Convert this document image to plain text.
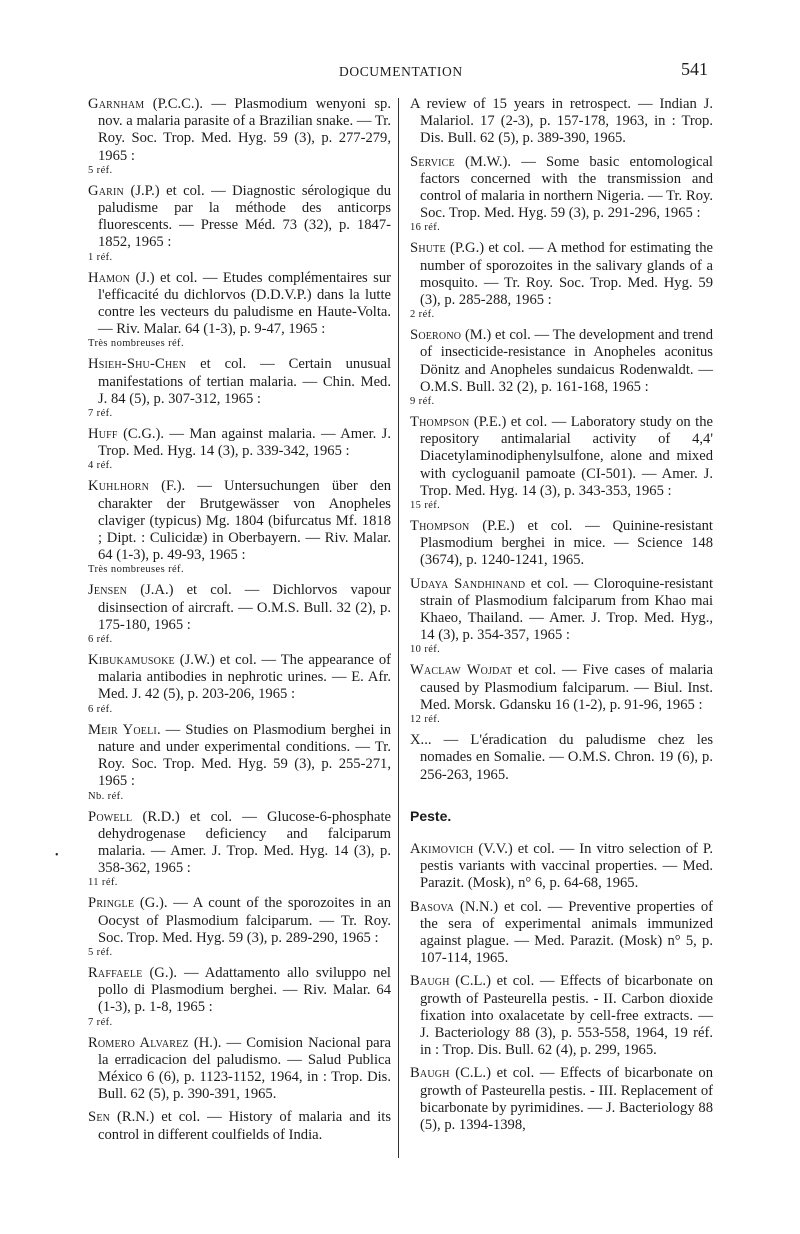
DOCUMENTATION	541
•

Garnham (P.C.C.). — Plasmodium wenyoni sp. nov. a malaria parasite of a Brazilian snake. — Tr. Roy. Soc. Trop. Med. Hyg. 59 (3), p. 277-279, 1965 :
5 réf.

Garin (J.P.) et col. — Diagnostic sérologique du paludisme par la méthode des anticorps fluorescents. — Presse Méd. 73 (32), p. 1847-1852, 1965 :
1 réf.

Hamon (J.) et col. — Etudes complémentaires sur l'efficacité du dichlorvos (D.D.V.P.) dans la lutte contre les vecteurs du paludisme en Haute-Volta. — Riv. Malar. 64 (1-3), p. 9-47, 1965 :
Très nombreuses réf.

Hsieh-Shu-Chen et col. — Certain unusual manifestations of tertian malaria. — Chin. Med. J. 84 (5), p. 307-312, 1965 :
7 réf.

Huff (C.G.). — Man against malaria. — Amer. J. Trop. Med. Hyg. 14 (3), p. 339-342, 1965 :
4 réf.

Kuhlhorn (F.). — Untersuchungen über den charakter der Brutgewässer von Anopheles claviger (typicus) Mg. 1804 (bifurcatus Mf. 1818 ; Dipt. : Culicidæ) in Oberbayern. — Riv. Malar. 64 (1-3), p. 49-93, 1965 :
Très nombreuses réf.

Jensen (J.A.) et col. — Dichlorvos vapour disinsection of aircraft. — O.M.S. Bull. 32 (2), p. 175-180, 1965 :
6 réf.

Kibukamusoke (J.W.) et col. — The appearance of malaria antibodies in nephrotic urines. — E. Afr. Med. J. 42 (5), p. 203-206, 1965 :
6 réf.

Meir Yoeli. — Studies on Plasmodium berghei in nature and under experimental conditions. — Tr. Roy. Soc. Trop. Med. Hyg. 59 (3), p. 255-271, 1965 :
Nb. réf.

Powell (R.D.) et col. — Glucose-6-phosphate dehydrogenase deficiency and falciparum malaria. — Amer. J. Trop. Med. Hyg. 14 (3), p. 358-362, 1965 :
11 réf.

Pringle (G.). — A count of the sporozoites in an Oocyst of Plasmodium falciparum. — Tr. Roy. Soc. Trop. Med. Hyg. 59 (3), p. 289-290, 1965 :
5 réf.

Raffaele (G.). — Adattamento allo sviluppo nel pollo di Plasmodium berghei. — Riv. Malar. 64 (1-3), p. 1-8, 1965 :
7 réf.

Romero Alvarez (H.). — Comision Nacional para la erradicacion del paludismo. — Salud Publica México 6 (6), p. 1123-1152, 1964, in : Trop. Dis. Bull. 62 (5), p. 390-391, 1965.

Sen (R.N.) et col. — History of malaria and its control in different coulfields of India.

A review of 15 years in retrospect. — Indian J. Malariol. 17 (2-3), p. 157-178, 1963, in : Trop. Dis. Bull. 62 (5), p. 389-390, 1965.

Service (M.W.). — Some basic entomological factors concerned with the transmission and control of malaria in northern Nigeria. — Tr. Roy. Soc. Trop. Med. Hyg. 59 (3), p. 291-296, 1965 :
16 réf.

Shute (P.G.) et col. — A method for estimating the number of sporozoites in the salivary glands of a mosquito. — Tr. Roy. Soc. Trop. Med. Hyg. 59 (3), p. 285-288, 1965 :
2 réf.

Soerono (M.) et col. — The development and trend of insecticide-resistance in Anopheles aconitus Dönitz and Anopheles sundaicus Rodenwaldt. — O.M.S. Bull. 32 (2), p. 161-168, 1965 :
9 réf.

Thompson (P.E.) et col. — Laboratory study on the repository antimalarial activity of 4,4' Diacetylaminodiphenylsulfone, alone and mixed with cycloguanil pamoate (CI-501). — Amer. J. Trop. Med. Hyg. 14 (3), p. 343-353, 1965 :
15 réf.

Thompson (P.E.) et col. — Quinine-resistant Plasmodium berghei in mice. — Science 148 (3674), p. 1240-1241, 1965.

Udaya Sandhinand et col. — Cloroquine-resistant strain of Plasmodium falciparum from Khao mai Khaeo, Thailand. — Amer. J. Trop. Med. Hyg., 14 (3), p. 354-357, 1965 :
10 réf.

Waclaw Wojdat et col. — Five cases of malaria caused by Plasmodium falciparum. — Biul. Inst. Med. Morsk. Gdansku 16 (1-2), p. 91-96, 1965 :
12 réf.

X... — L'éradication du paludisme chez les nomades en Somalie. — O.M.S. Chron. 19 (6), p. 256-263, 1965.

Peste.

Akimovich (V.V.) et col. — In vitro selection of P. pestis variants with vaccinal properties. — Med. Parazit. (Mosk), n° 6, p. 64-68, 1965.

Basova (N.N.) et col. — Preventive properties of the sera of experimental animals immunized against plague. — Med. Parazit. (Mosk) n° 5, p. 107-114, 1965.

Baugh (C.L.) et col. — Effects of bicarbonate on growth of Pasteurella pestis. - II. Carbon dioxide fixation into oxalacetate by cell-free extracts. — J. Bacteriology 88 (3), p. 553-558, 1964, 19 réf. in : Trop. Dis. Bull. 62 (4), p. 299, 1965.

Baugh (C.L.) et col. — Effects of bicarbonate on growth of Pasteurella pestis. - III. Replacement of bicarbonate by pyrimidines. — J. Bacteriology 88 (5), p. 1394-1398,
